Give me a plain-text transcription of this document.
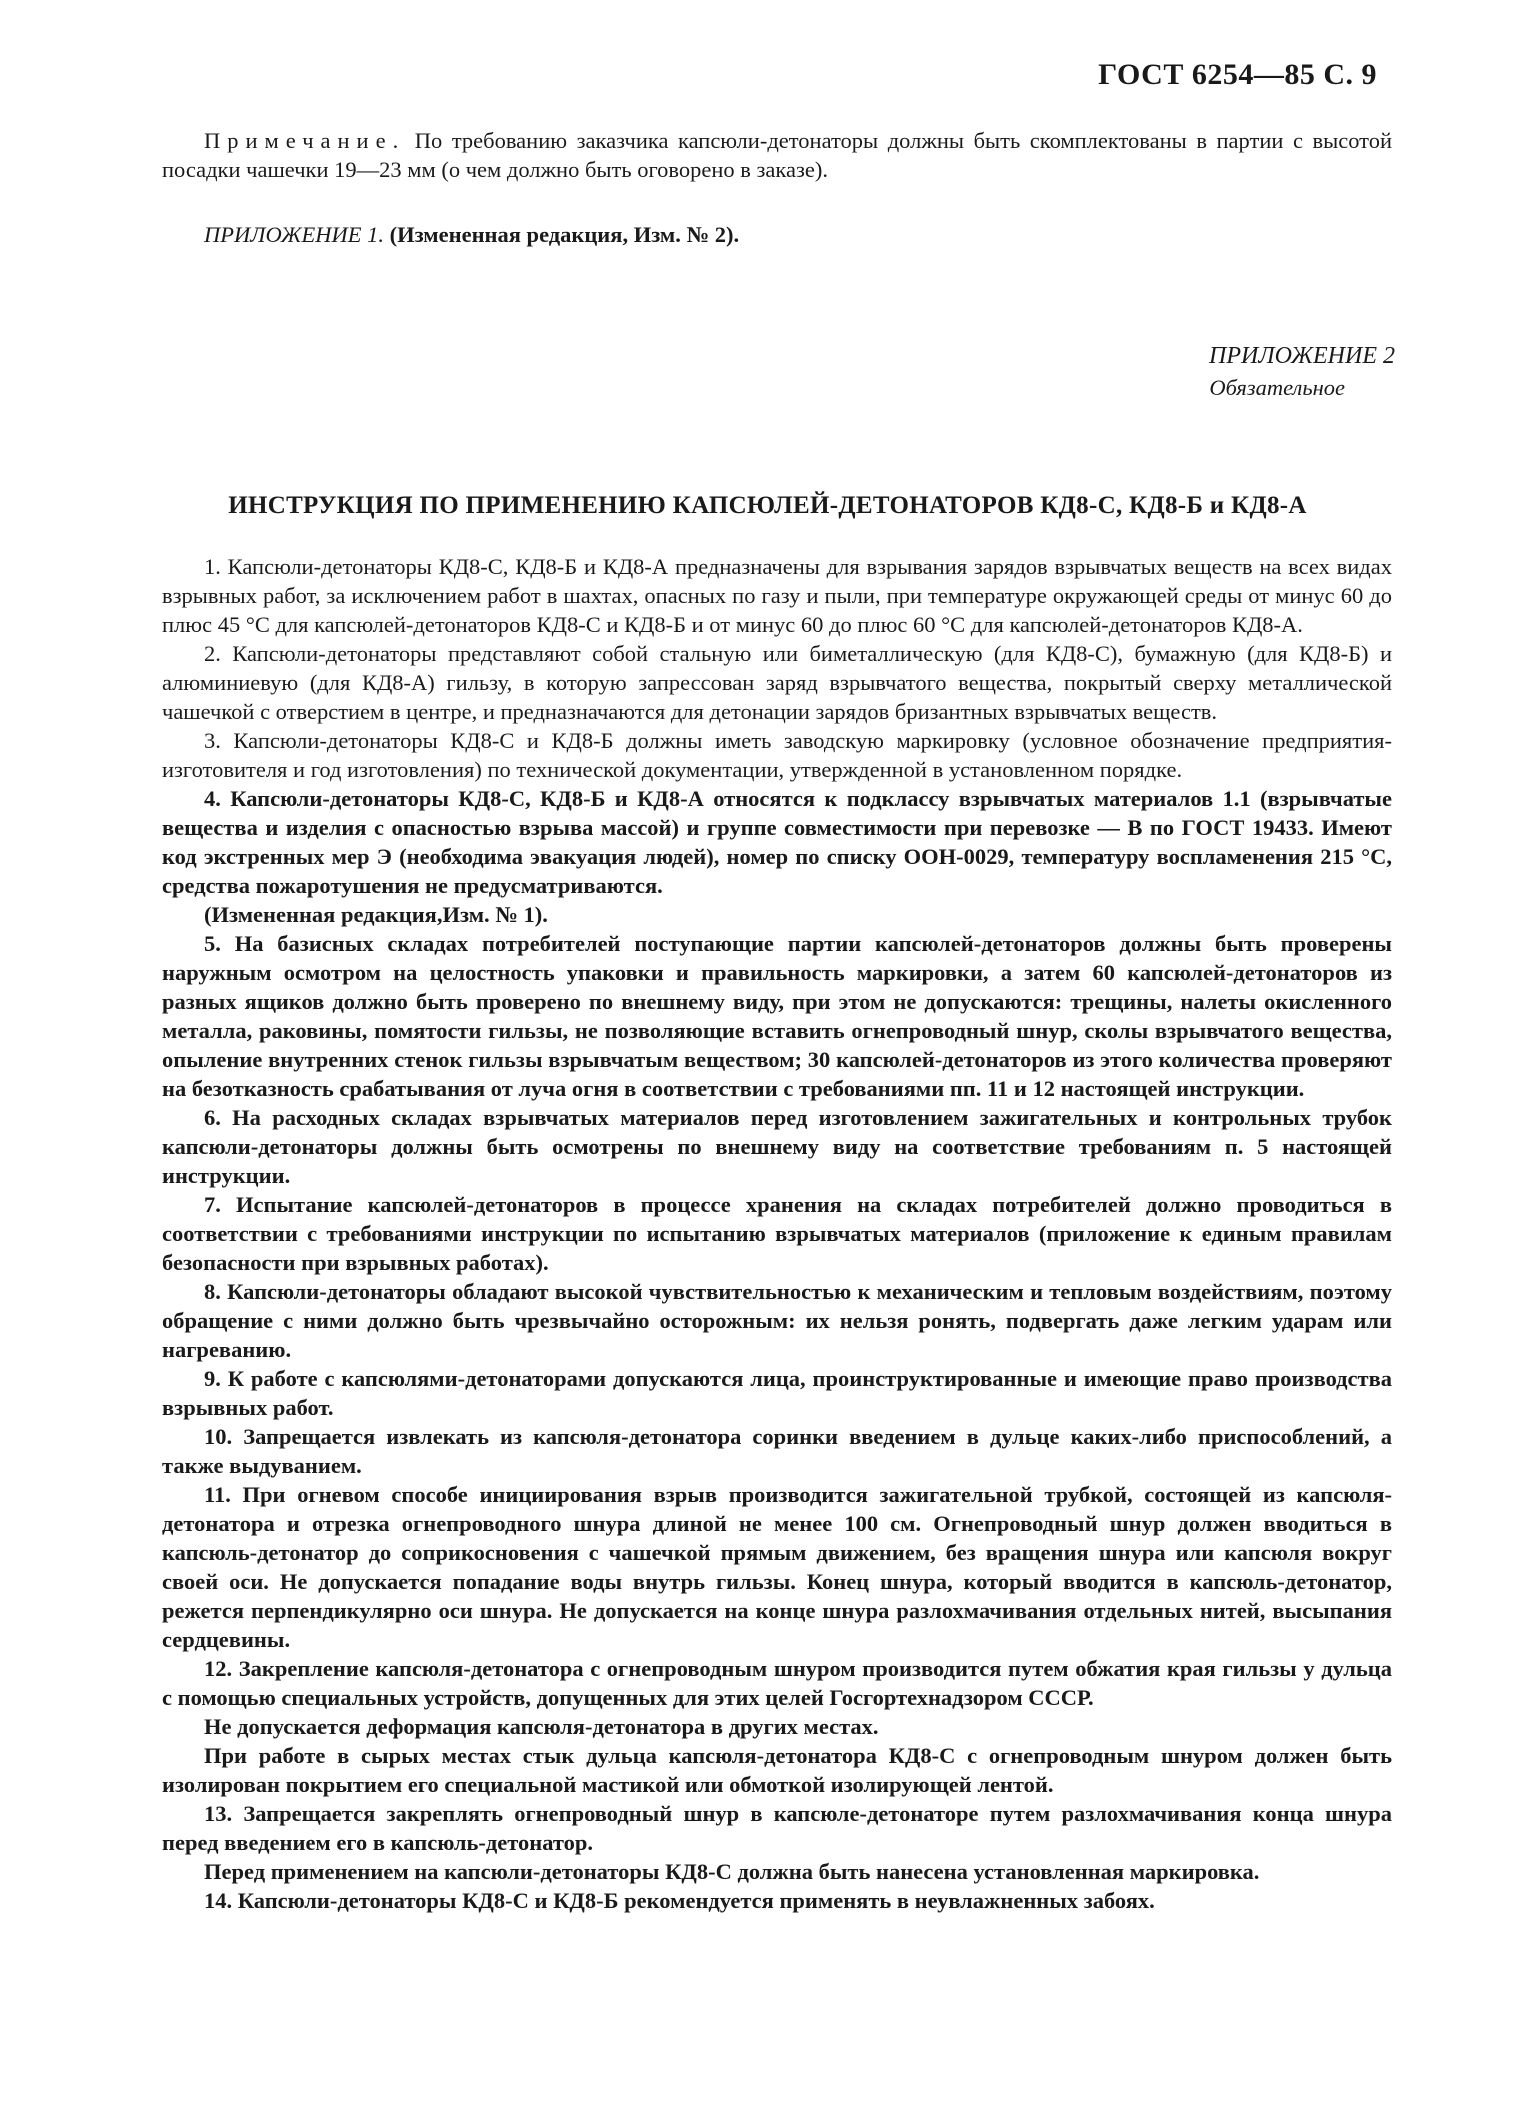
ГОСТ 6254—85 С. 9

Примечание. По требованию заказчика капсюли-детонаторы должны быть скомплектованы в партии с высотой посадки чашечки 19—23 мм (о чем должно быть оговорено в заказе).

ПРИЛОЖЕНИЕ 1. (Измененная редакция, Изм. № 2).
ПРИЛОЖЕНИЕ 2
Обязательное
ИНСТРУКЦИЯ ПО ПРИМЕНЕНИЮ КАПСЮЛЕЙ-ДЕТОНАТОРОВ КД8-С, КД8-Б и КД8-А

1. Капсюли-детонаторы КД8-С, КД8-Б и КД8-А предназначены для взрывания зарядов взрывчатых веществ на всех видах взрывных работ, за исключением работ в шахтах, опасных по газу и пыли, при температуре окружающей среды от минус 60 до плюс 45 °С для капсюлей-детонаторов КД8-С и КД8-Б и от минус 60 до плюс 60 °С для капсюлей-детонаторов КД8-А.

2. Капсюли-детонаторы представляют собой стальную или биметаллическую (для КД8-С), бумажную (для КД8-Б) и алюминиевую (для КД8-А) гильзу, в которую запрессован заряд взрывчатого вещества, покрытый сверху металлической чашечкой с отверстием в центре, и предназначаются для детонации зарядов бризантных взрывчатых веществ.

3. Капсюли-детонаторы КД8-С и КД8-Б должны иметь заводскую маркировку (условное обозначение предприятия-изготовителя и год изготовления) по технической документации, утвержденной в установленном порядке.

4. Капсюли-детонаторы КД8-С, КД8-Б и КД8-А относятся к подклассу взрывчатых материалов 1.1 (взрывчатые вещества и изделия с опасностью взрыва массой) и группе совместимости при перевозке — В по ГОСТ 19433. Имеют код экстренных мер Э (необходима эвакуация людей), номер по списку ООН-0029, температуру воспламенения 215 °С, средства пожаротушения не предусматриваются.

(Измененная редакция,Изм. № 1).

5. На базисных складах потребителей поступающие партии капсюлей-детонаторов должны быть проверены наружным осмотром на целостность упаковки и правильность маркировки, а затем 60 капсюлей-детонаторов из разных ящиков должно быть проверено по внешнему виду, при этом не допускаются: трещины, налеты окисленного металла, раковины, помятости гильзы, не позволяющие вставить огнепроводный шнур, сколы взрывчатого вещества, опыление внутренних стенок гильзы взрывчатым веществом; 30 капсюлей-детонаторов из этого количества проверяют на безотказность срабатывания от луча огня в соответствии с требованиями пп. 11 и 12 настоящей инструкции.

6. На расходных складах взрывчатых материалов перед изготовлением зажигательных и контрольных трубок капсюли-детонаторы должны быть осмотрены по внешнему виду на соответствие требованиям п. 5 настоящей инструкции.

7. Испытание капсюлей-детонаторов в процессе хранения на складах потребителей должно проводиться в соответствии с требованиями инструкции по испытанию взрывчатых материалов (приложение к единым правилам безопасности при взрывных работах).

8. Капсюли-детонаторы обладают высокой чувствительностью к механическим и тепловым воздействиям, поэтому обращение с ними должно быть чрезвычайно осторожным: их нельзя ронять, подвергать даже легким ударам или нагреванию.

9. К работе с капсюлями-детонаторами допускаются лица, проинструктированные и имеющие право производства взрывных работ.

10. Запрещается извлекать из капсюля-детонатора соринки введением в дульце каких-либо приспособлений, а также выдуванием.

11. При огневом способе инициирования взрыв производится зажигательной трубкой, состоящей из капсюля-детонатора и отрезка огнепроводного шнура длиной не менее 100 см. Огнепроводный шнур должен вводиться в капсюль-детонатор до соприкосновения с чашечкой прямым движением, без вращения шнура или капсюля вокруг своей оси. Не допускается попадание воды внутрь гильзы. Конец шнура, который вводится в капсюль-детонатор, режется перпендикулярно оси шнура. Не допускается на конце шнура разлохмачивания отдельных нитей, высыпания сердцевины.

12. Закрепление капсюля-детонатора с огнепроводным шнуром производится путем обжатия края гильзы у дульца с помощью специальных устройств, допущенных для этих целей Госгортехнадзором СССР.

Не допускается деформация капсюля-детонатора в других местах.

При работе в сырых местах стык дульца капсюля-детонатора КД8-С с огнепроводным шнуром должен быть изолирован покрытием его специальной мастикой или обмоткой изолирующей лентой.

13. Запрещается закреплять огнепроводный шнур в капсюле-детонаторе путем разлохмачивания конца шнура перед введением его в капсюль-детонатор.

Перед применением на капсюли-детонаторы КД8-С должна быть нанесена установленная маркировка.

14. Капсюли-детонаторы КД8-С и КД8-Б рекомендуется применять в неувлажненных забоях.
